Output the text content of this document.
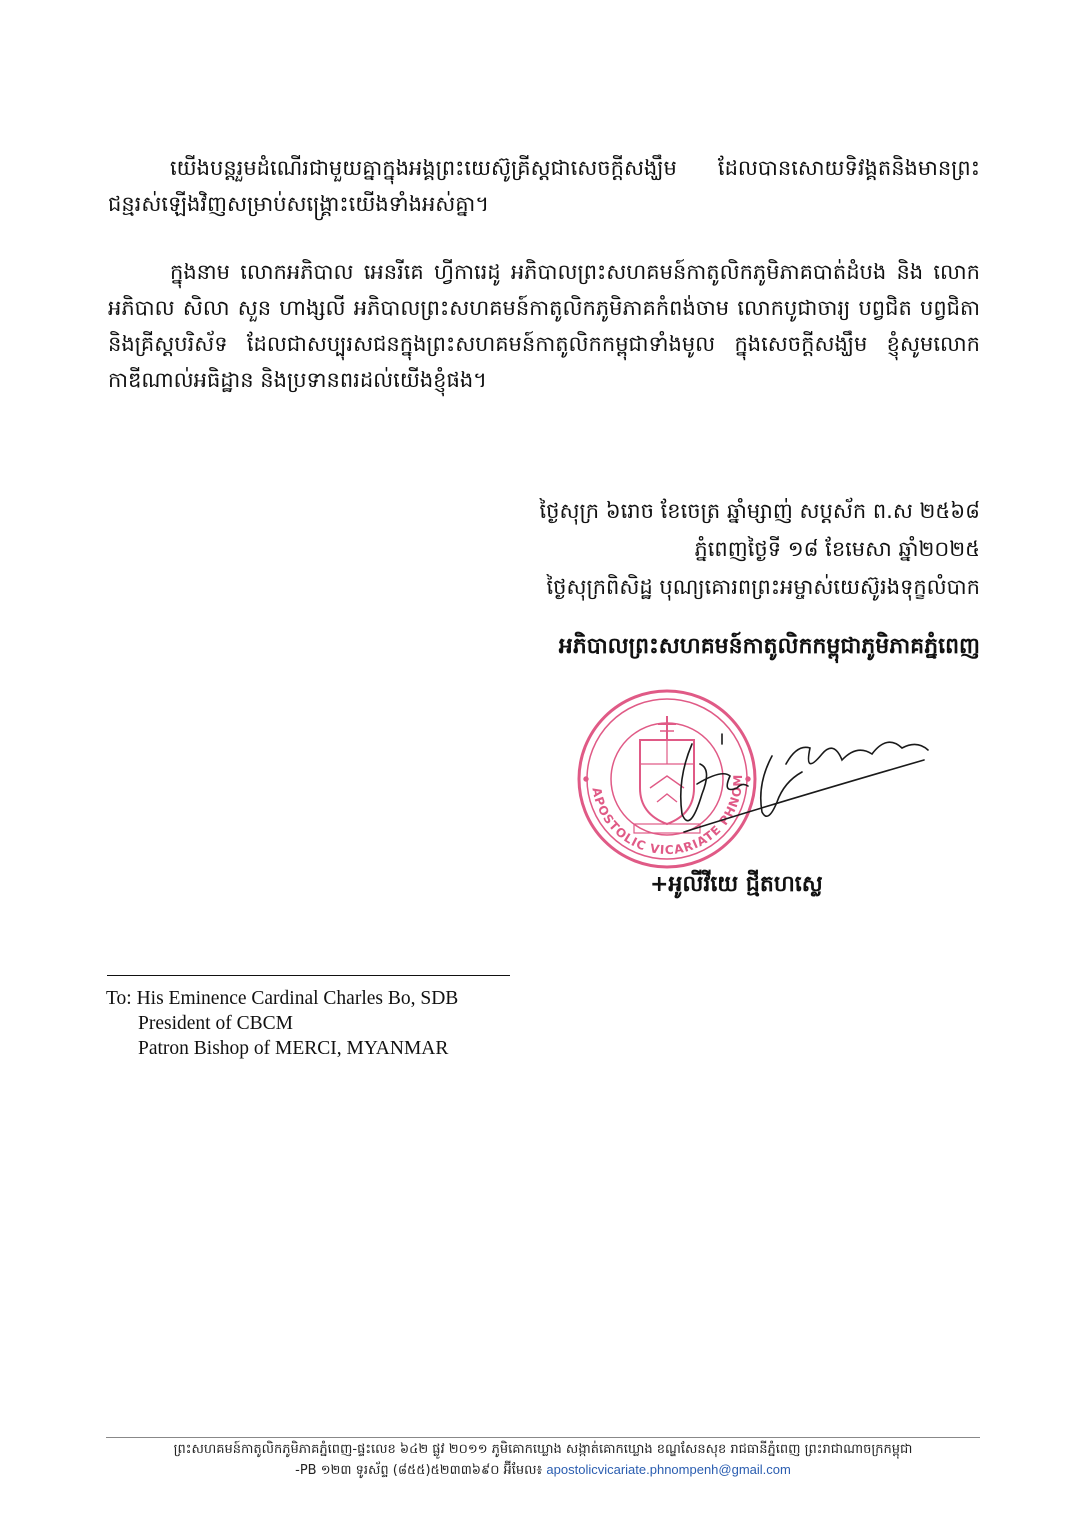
យើងបន្តរួមដំណើរជាមួយគ្នាក្នុងអង្គព្រះយេស៊ូគ្រីស្តជាសេចក្ដីសង្ឃឹម ដែលបានសោយទិវង្គតនិងមានព្រះជន្មរស់ឡើងវិញសម្រាប់សង្គ្រោះយើងទាំងអស់គ្នា។

ក្នុងនាម លោកអភិបាល អេនរីគេ ហ្វីការេដូ អភិបាលព្រះសហគមន៍កាតូលិកភូមិភាគបាត់ដំបង និង លោកអភិបាល សិលា សួន ហាង្សលី អភិបាលព្រះសហគមន៍កាតូលិកភូមិភាគកំពង់ចាម លោកបូជាចារ្យ បព្វជិត បព្វជិតា និងគ្រីស្តបរិស័ទ ដែលជាសប្បុរសជនក្នុងព្រះសហគមន៍កាតូលិកកម្ពុជាទាំងមូល ក្នុងសេចក្ដីសង្ឃឹម ខ្ញុំសូមលោកកាឌីណាល់អធិដ្ឋាន និងប្រទានពរដល់យើងខ្ញុំផង។

ថ្ងៃសុក្រ ៦រោច ខែចេត្រ ឆ្នាំម្សាញ់ សប្តស័ក ព.ស ២៥៦៨
ភ្នំពេញថ្ងៃទី ១៨ ខែមេសា ឆ្នាំ២០២៥
ថ្ងៃសុក្រពិសិដ្ឋ បុណ្យគោរពព្រះអម្ចាស់យេស៊ូរងទុក្ខលំបាក
អភិបាលព្រះសហគមន៍កាតូលិកកម្ពុជាភូមិភាគភ្នំពេញ
APOSTOLIC VICARIATE PHNOM
+អូលីវីយេ ជ្មីតហស្លេ
To: His Eminence Cardinal Charles Bo, SDB
President of CBCM
Patron Bishop of MERCI, MYANMAR
ព្រះសហគមន៍កាតូលិកភូមិភាគភ្នំពេញ-ផ្ទះលេខ ៦៤២ ផ្លូវ ២០១១ ភូមិគោកឃ្លោង សង្កាត់គោកឃ្លោង ខណ្ឌសែនសុខ រាជធានីភ្នំពេញ ព្រះរាជាណាចក្រកម្ពុជា
-PB ១២៣ ទូរស័ព្ទ (៨៥៥)៥២៣៣៦៩០ អ៊ីមែល៖ apostolicvicariate.phnompenh@gmail.com
